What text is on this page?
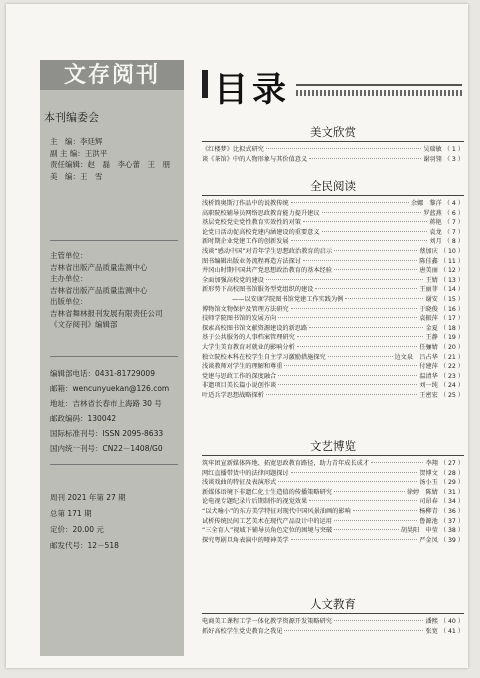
文存阅刊
本刊编委会
主　编：李廷辉
副 主 编：王洪平
责任编辑：赵　磊　李心蕾　王　朋
美　编：王　雪
主管单位：
吉林省出版产品质量监测中心
主办单位：
吉林省出版产品质量监测中心
出版单位：
吉林省舞林报刊发展有限责任公司
《文存阅刊》编辑部
编辑部电话：0431-81729009
邮箱：wencunyuekan@126.com
地址：吉林省长春市上海路 30 号
邮政编码：130042
国际标准刊号：ISSN 2095-8633
国内统一刊号：CN22－1408/G0
周刊 2021 年第 27 期
总第 171 期
定价：20.00 元
邮发代号：12－518
目录
美文欣赏
《红楼梦》比拟式研究	吴瑞敏 （ 1 ）
谈《茶馆》中的人物形象与其价值意义	谢羽翎 （ 3 ）
全民阅读
浅析简奥斯汀作品中的说教传统	余娜　黎洋 （ 4 ）
高职院校辅导员网络思政教育能力提升建议	罗蓝燕 （ 6 ）
基层党校党史党性教育实效性的对策	蒋艳 （ 7 ）
论党日活动促高校党建内涵建设的重要意义	袁龙 （ 7 ）
新时期企业党建工作的创新发展	刘月 （ 8 ）
浅谈“感动中国”对青年学生思想政治教育的启示	蔡加庆 （ 10 ）
图书编辑出版业务流程再造方法探讨	陈佳鑫 （ 11 ）
井冈山时期中国共产党思想政治教育的基本经验	唐美丽 （ 12 ）
全面加强高校党的建设	王婧 （ 13 ）
新形势下高校图书馆服务型党组织的建设	王丽菲 （ 14 ）
——以安康学院图书馆党建工作实践为例	谢安 （ 15 ）
博物馆文物保护及管理方法研究	于晓俊 （ 16 ）
技师学院图书馆的发展方向	袁振萍 （ 17 ）
探索高校图书馆文献资源建设的新思路	金夏 （ 18 ）
基于公共服务的人事档案管理研究	王静 （ 19 ）
大学生美育教育对就业的影响分析	任骊婧 （ 20 ）
独立院校本科在校学生自主学习激励措施探究	边文泉　吕占华 （ 21 ）
浅谈教师对学生的理解和尊重	付建萍 （ 22 ）
党建与思政工作的深度融合	温清华 （ 23 ）
非遗项目美长篇小说创作谈	刘一纯 （ 24 ）
叶适兵学思想战略探析	王密宏 （ 25 ）
文艺博览
筑牢团宣新媒体阵地、拓宽思政教育路径，助力青年成长成才	李翔 （ 27 ）
网红直播带货中的法律问题探讨	贺博文 （ 28 ）
浅谈戏曲的特征及表演形式	汤小玉 （ 29 ）
新媒体语境下非遗仁化士生造值的传播策略研究	徐婷　陈婧 （ 31 ）
论电视专题纪录片后期制作的视觉效果	司昂春 （ 34 ）
“以犬喻小”的东方美学特征对现代中国风景油画的影响	杨柳青 （ 36 ）
试析传统民间工艺美术在现代产品设计中的运用	鲁源池 （ 37 ）
“三全育人”视域下辅导员角色定位的困境与突破	胡昊阳　申莹 （ 38 ）
探究粤剧旦角表演中的哑神美学	严金凤 （ 39 ）
人文教育
电商美工课程工学一体化教学资源开发策略研究	潘熙 （ 40 ）
抓好高校学生党史教育之我见	张宽 （ 41 ）
